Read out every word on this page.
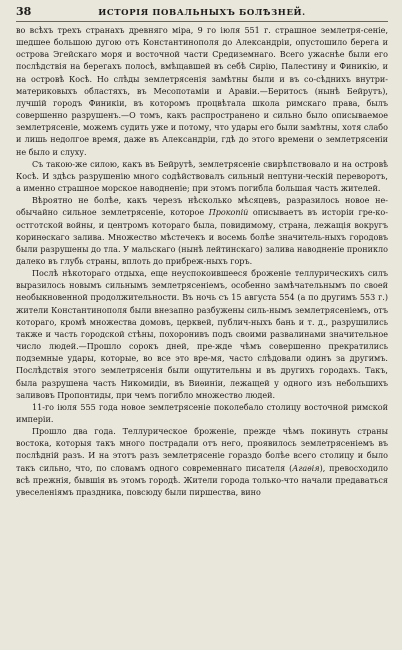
38	ИСТОРІЯ ПОВАЛЬНЫХЪ БОЛѢЗНЕЙ.

во всѣхъ трехъ странахъ древняго міра, 9 го іюля 551 г. страшное землетря-сеніе, шедшее большою дугою отъ Константинополя до Александріи, опустошило берега и острова Эгейскаго моря и восточной части Средиземнаго. Всего ужаснѣе были его послѣдствія на берегахъ полосѣ, вмѣщавшей въ себѣ Сирію, Палестину и Финикію, и на островѣ Косѣ. Но слѣды землетрясенія замѣтны были и въ со-сѣднихъ внутри-материковыхъ областяхъ, въ Месопотаміи и Аравіи.—Беритосъ (нынѣ Бейрутъ), лучшій городъ Финикіи, въ которомъ процвѣтала школа римскаго права, былъ совершенно разрушенъ.—О томъ, какъ распространено и сильно было описываемое землетрясеніе, можемъ судить уже и потому, что удары его были замѣтны, хотя слабо и лишь недолгое время, даже въ Александріи, гдѣ до этого времени о землетрясеніи не было и слуху.

Съ такою-же силою, какъ въ Бейрутѣ, землетрясеніе свирѣпствовало и на островѣ Косѣ. И здѣсь разрушенію много содѣйствовалъ сильный нептуни-ческій переворотъ, а именно страшное морское наводненіе; при этомъ погибла большая часть жителей.

Вѣроятно не болѣе, какъ черезъ нѣсколько мѣсяцевъ, разразилось новое не-обычайно сильное землетрясеніе, которое Прокопій описываетъ въ исторіи гре-ко-остготской войны, и центромъ котораго была, повидимому, страна, лежащія вокругъ коринѳскаго залива. Множество мѣстечекъ и восемь болѣе значитель-ныхъ городовъ были разрушены до тла. У мальскаго (нынѣ лейтинскаго) залива наводненіе проникло далеко въ глубь страны, вплоть до прибреж-ныхъ горъ.

Послѣ нѣкотораго отдыха, еще неуспокоившееся броженіе теллурическихъ силъ выразилось новымъ сильнымъ землетрясеніемъ, особенно замѣчательнымъ по своей необыкновенной продолжительности. Въ ночь съ 15 августа 554 (а по другимъ 553 г.) жители Константинополя были внезапно разбужены силь-нымъ землетрясеніемъ, отъ котораго, кромѣ множества домовъ, церквей, публич-ныхъ бань и т. д., разрушились также и часть городской стѣны, похоронивъ подъ своими развалинами значительное число людей.—Прошло сорокъ дней, пре-жде чѣмъ совершенно прекратились подземные удары, которые, во все это вре-мя, часто слѣдовали одинъ за другимъ. Послѣдствія этого землетрясенія были ощутительны и въ другихъ городахъ. Такъ, была разрушена часть Никомидіи, въ Виѳиніи, лежащей у одного изъ небольшихъ заливовъ Пропонтиды, при чемъ погибло множество людей.

11-го іюля 555 года новое землетрясеніе поколебало столицу восточной римской имперіи.

Прошло два года. Теллурическое броженіе, прежде чѣмъ покинуть страны востока, которыя такъ много пострадали отъ него, проявилось землетрясеніемъ въ послѣдній разъ. И на этотъ разъ землетрясеніе гораздо болѣе всего столицу и было такъ сильно, что, по словамъ одного современнаго писателя (Агаѳія), превосходило всѣ прежнія, бывшія въ этомъ городѣ. Жители города только-что начали предаваться увеселеніямъ праздника, повсюду были пиршества, вино
